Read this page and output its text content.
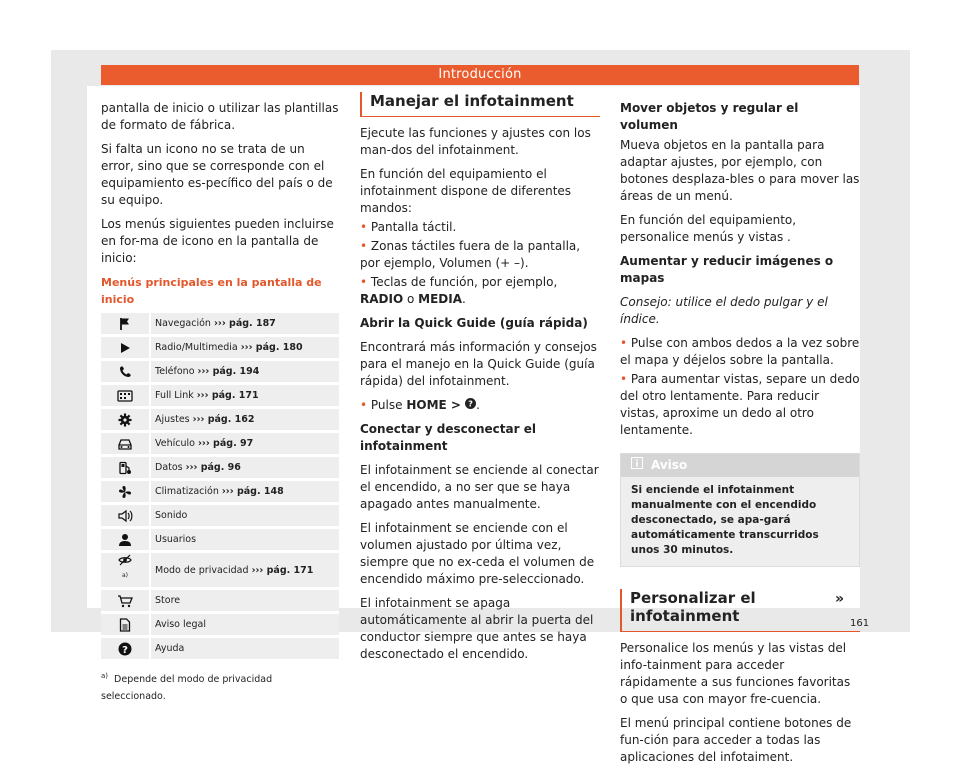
Introducción

pantalla de inicio o utilizar las plantillas de formato de fábrica.

Si falta un icono no se trata de un error, sino que se corresponde con el equipamiento es-pecífico del país o de su equipo.

Los menús siguientes pueden incluirse en for-ma de icono en la pantalla de inicio:

Menús principales en la pantalla de inicio
	Navegación ››› pág. 187

	Radio/Multimedia ››› pág. 180

	Teléfono ››› pág. 194

	Full Link ››› pág. 171

	Ajustes ››› pág. 162

	Vehículo ››› pág. 97

	Datos ››› pág. 96

	Climatización ››› pág. 148

	Sonido

	Usuarios

$^{a)}$	Modo de privacidad ››› pág. 171

	Store

	Aviso legal

?	Ayuda
$^{a)}$ Depende del modo de privacidad seleccionado.
Manejar el infotainment

Ejecute las funciones y ajustes con los man-dos del infotainment.

En función del equipamiento el infotainment dispone de diferentes mandos:

• Pantalla táctil.

• Zonas táctiles fuera de la pantalla, por ejemplo, Volumen (+ –).

• Teclas de función, por ejemplo, RADIO o MEDIA.

Abrir la Quick Guide (guía rápida)

Encontrará más información y consejos para el manejo en la Quick Guide (guía rápida) del infotainment.

• Pulse HOME > ? .

Conectar y desconectar el infotainment

El infotainment se enciende al conectar el encendido, a no ser que se haya apagado antes manualmente.

El infotainment se enciende con el volumen ajustado por última vez, siempre que no ex-ceda el volumen de encendido máximo pre-seleccionado.

El infotainment se apaga automáticamente al abrir la puerta del conductor siempre que antes se haya desconectado el encendido.

Mover objetos y regular el volumen

Mueva objetos en la pantalla para adaptar ajustes, por ejemplo, con botones desplaza-bles o para mover las áreas de un menú.

En función del equipamiento, personalice menús y vistas .

Aumentar y reducir imágenes o mapas

Consejo: utilice el dedo pulgar y el índice.

• Pulse con ambos dedos a la vez sobre el mapa y déjelos sobre la pantalla.

• Para aumentar vistas, separe un dedo del otro lentamente. Para reducir vistas, aproxime un dedo al otro lentamente.

Aviso
Si enciende el infotainment manualmente con el encendido desconectado, se apa-gará automáticamente transcurridos unos 30 minutos.
Personalizar el infotainment

Personalice los menús y las vistas del info-tainment para acceder rápidamente a sus funciones favoritas o que usa con mayor fre-cuencia.

El menú principal contiene botones de fun-ción para acceder a todas las aplicaciones del infotaiment.

»
161
